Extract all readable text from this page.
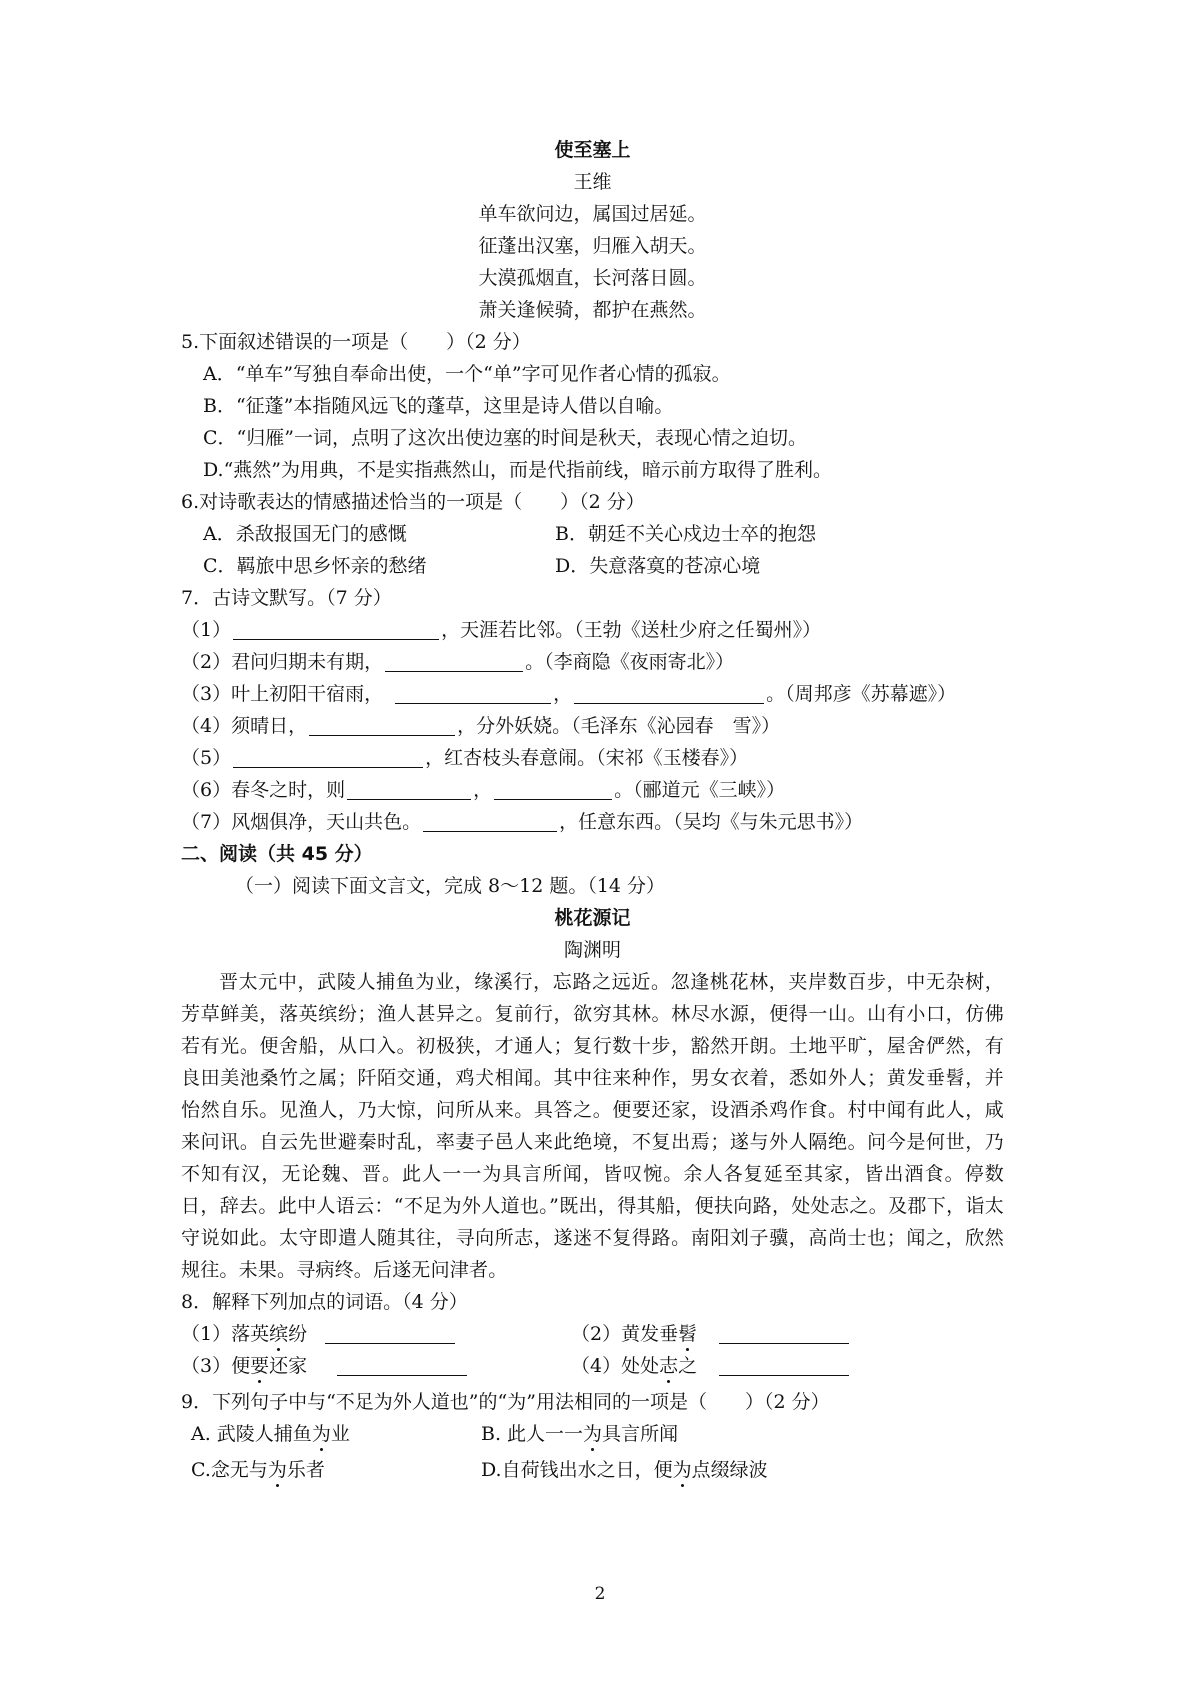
使至塞上
王维
单车欲问边，属国过居延。
征蓬出汉塞，归雁入胡天。
大漠孤烟直，长河落日圆。
萧关逢候骑，都护在燕然。
5.下面叙述错误的一项是（　　）（2 分）
A．“单车”写独自奉命出使，一个“单”字可见作者心情的孤寂。
B．“征蓬”本指随风远飞的蓬草，这里是诗人借以自喻。
C．“归雁”一词，点明了这次出使边塞的时间是秋天，表现心情之迫切。
D.“燕然”为用典，不是实指燕然山，而是代指前线，暗示前方取得了胜利。
6.对诗歌表达的情感描述恰当的一项是（　　）（2 分）
A．杀敌报国无门的感慨	B．朝廷不关心戍边士卒的抱怨
C．羁旅中思乡怀亲的愁绪	D．失意落寞的苍凉心境
7．古诗文默写。（7 分）
（1）	，天涯若比邻。（王勃《送杜少府之任蜀州》）
（2）君问归期未有期，	。（李商隐《夜雨寄北》）
（3）叶上初阳干宿雨，	，	。（周邦彦《苏幕遮》）
（4）须晴日，	，分外妖娆。（毛泽东《沁园春　雪》）
（5）	，红杏枝头春意闹。（宋祁《玉楼春》）
（6）春冬之时，则	，	。（郦道元《三峡》）
（7）风烟俱净，天山共色。	，任意东西。（吴均《与朱元思书》）
二、阅读（共 45 分）
（一）阅读下面文言文，完成 8～12 题。（14 分）
桃花源记
陶渊明
晋太元中，武陵人捕鱼为业，缘溪行，忘路之远近。忽逢桃花林，夹岸数百步，中无杂树，芳草鲜美，落英缤纷；渔人甚异之。复前行，欲穷其林。林尽水源，便得一山。山有小口，仿佛若有光。便舍船，从口入。初极狭，才通人；复行数十步，豁然开朗。土地平旷，屋舍俨然，有良田美池桑竹之属；阡陌交通，鸡犬相闻。其中往来种作，男女衣着，悉如外人；黄发垂髫，并怡然自乐。见渔人，乃大惊，问所从来。具答之。便要还家，设酒杀鸡作食。村中闻有此人，咸来问讯。自云先世避秦时乱，率妻子邑人来此绝境，不复出焉；遂与外人隔绝。问今是何世，乃不知有汉，无论魏、晋。此人一一为具言所闻，皆叹惋。余人各复延至其家，皆出酒食。停数日，辞去。此中人语云：“不足为外人道也。”既出，得其船，便扶向路，处处志之。及郡下，诣太守说如此。太守即遣人随其往，寻向所志，遂迷不复得路。南阳刘子骥，高尚士也；闻之，欣然规往。未果。寻病终。后遂无问津者。
8．解释下列加点的词语。（4 分）
（1）落英缤纷	（2）黄发垂髫
（3）便要还家	（4）处处志之
9．下列句子中与“不足为外人道也”的“为”用法相同的一项是（　　）（2 分）
A. 武陵人捕鱼为业	B. 此人一一为具言所闻
C.念无与为乐者	D.自荷钱出水之日，便为点缀绿波
2
